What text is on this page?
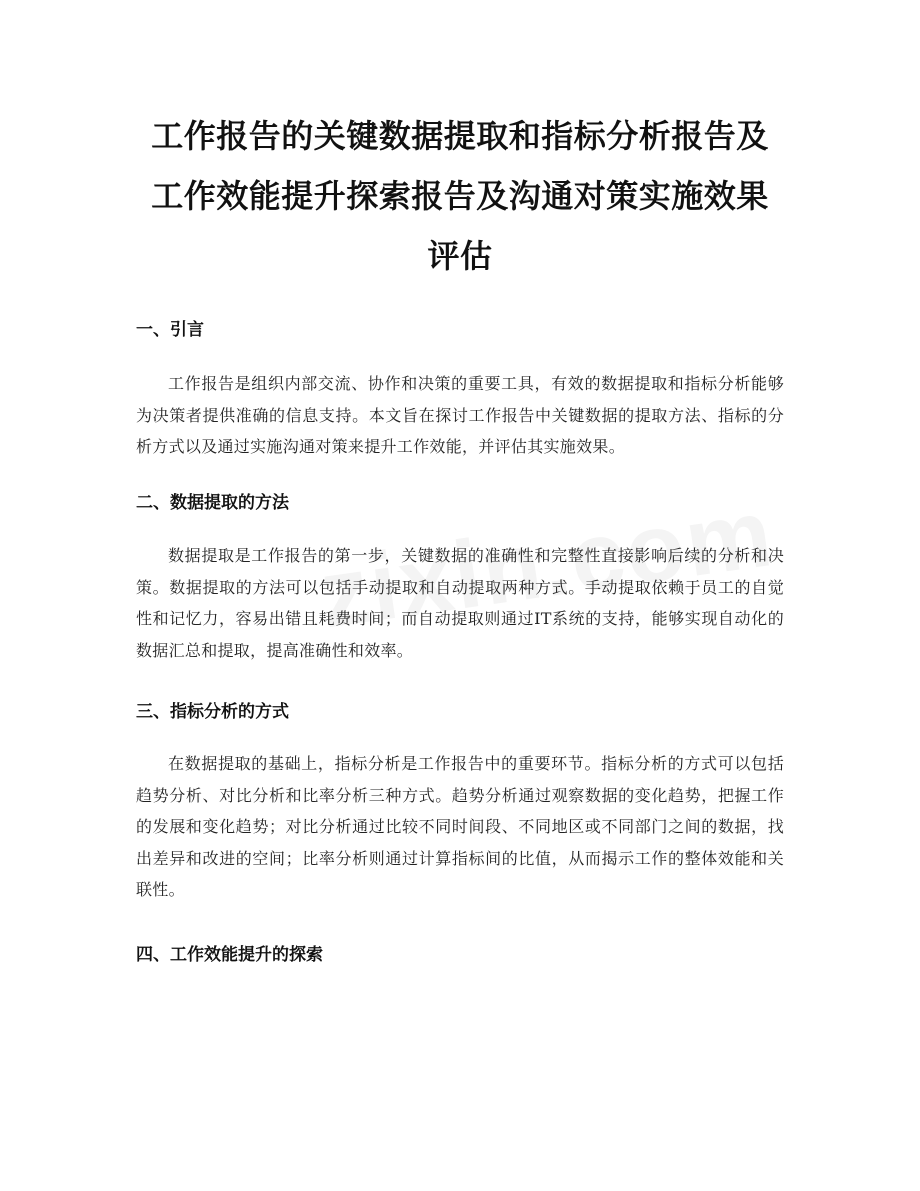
工作报告的关键数据提取和指标分析报告及
工作效能提升探索报告及沟通对策实施效果
评估
一、引言

工作报告是组织内部交流、协作和决策的重要工具，有效的数据提取和指标分析能够为决策者提供准确的信息支持。本文旨在探讨工作报告中关键数据的提取方法、指标的分析方式以及通过实施沟通对策来提升工作效能，并评估其实施效果。

二、数据提取的方法

数据提取是工作报告的第一步，关键数据的准确性和完整性直接影响后续的分析和决策。数据提取的方法可以包括手动提取和自动提取两种方式。手动提取依赖于员工的自觉性和记忆力，容易出错且耗费时间；而自动提取则通过IT系统的支持，能够实现自动化的数据汇总和提取，提高准确性和效率。

三、指标分析的方式

在数据提取的基础上，指标分析是工作报告中的重要环节。指标分析的方式可以包括趋势分析、对比分析和比率分析三种方式。趋势分析通过观察数据的变化趋势，把握工作的发展和变化趋势；对比分析通过比较不同时间段、不同地区或不同部门之间的数据，找出差异和改进的空间；比率分析则通过计算指标间的比值，从而揭示工作的整体效能和关联性。

四、工作效能提升的探索
